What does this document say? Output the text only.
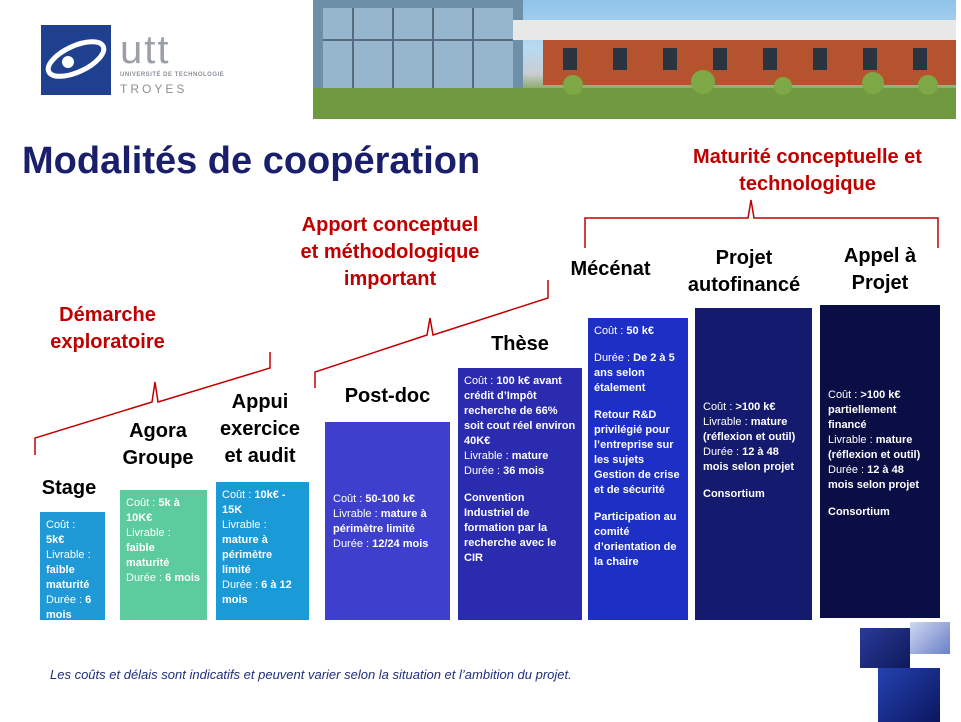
utt
UNIVERSITÉ DE TECHNOLOGIE
TROYES
Modalités de coopération
Démarche
exploratoire
Apport conceptuel
et méthodologique
important
Maturité conceptuelle et
technologique
Stage
Agora
Groupe
Appui
exercice
et audit
Post-doc
Thèse
Mécénat	Projet
autofinancé
Appel à
Projet
Coût :
5k€
Livrable :
faible maturité
Durée : 6 mois
Coût : 5k à 10K€
Livrable :
faible maturité
Durée : 6 mois
Coût : 10k€ - 15K
Livrable :
mature à périmètre limité
Durée : 6 à 12 mois
Coût : 50-100 k€
Livrable : mature à périmètre limité
Durée : 12/24 mois
Coût : 100 k€ avant crédit d’Impôt recherche de 66% soit cout réel environ 40K€
Livrable : mature
Durée : 36 mois
Convention Industriel de formation par la recherche avec le CIR
Coût : 50 k€
Durée : De 2 à 5 ans selon étalement
Retour R&D privilégié pour l’entreprise sur les sujets Gestion de crise et de sécurité
Participation au comité d’orientation de la chaire
Coût : >100 k€
Livrable : mature (réflexion et outil)
Durée : 12 à 48 mois selon projet
Consortium
Coût : >100 k€ partiellement financé
Livrable : mature (réflexion et outil)
Durée : 12 à 48 mois selon projet
Consortium
Les coûts et délais sont indicatifs et peuvent varier selon la situation et l’ambition du projet.
